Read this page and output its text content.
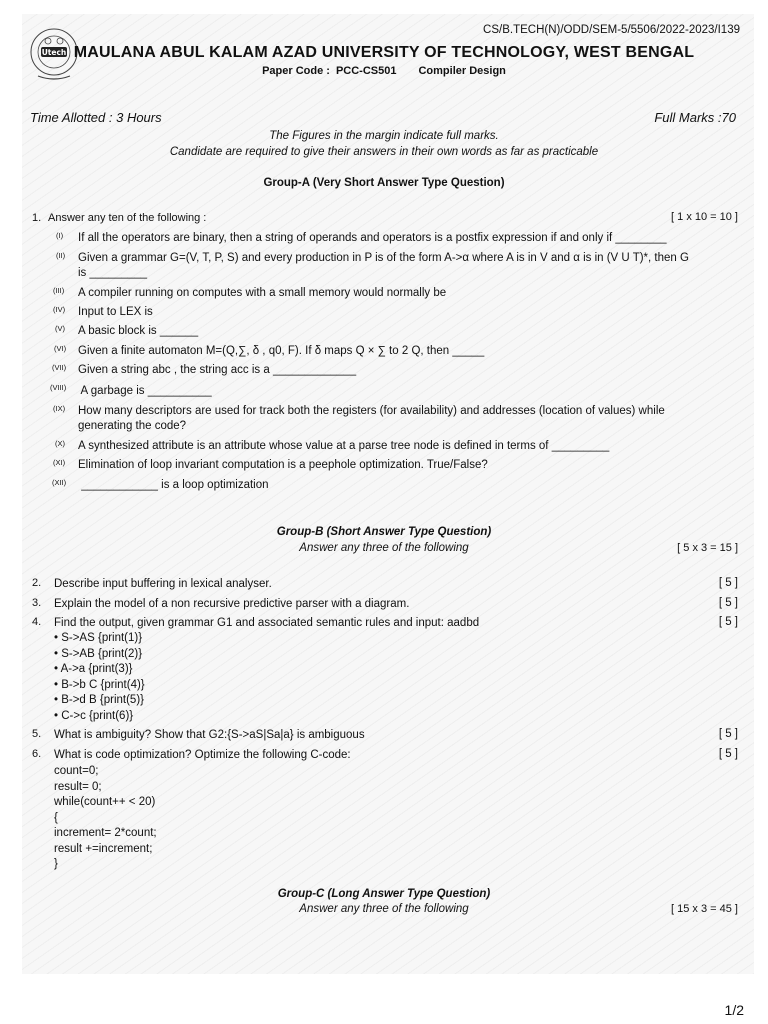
CS/B.TECH(N)/ODD/SEM-5/5506/2022-2023/I139
Utech MAULANA ABUL KALAM AZAD UNIVERSITY OF TECHNOLOGY, WEST BENGAL
Paper Code : PCC-CS501 Compiler Design
Time Allotted : 3 Hours	Full Marks :70
The Figures in the margin indicate full marks.
Candidate are required to give their answers in their own words as far as practicable
Group-A (Very Short Answer Type Question)
1. Answer any ten of the following :	[ 1 x 10 = 10 ]
(I) If all the operators are binary, then a string of operands and operators is a postfix expression if and only if ________
(II) Given a grammar G=(V, T, P, S) and every production in P is of the form A->α where A is in V and α is in (V U T)*, then G
is _________
(III) A compiler running on computes with a small memory would normally be
(IV) Input to LEX is
(V) A basic block is ______
(VI) Given a finite automaton M=(Q,∑, δ , q0, F). If δ maps Q × ∑ to 2 Q, then _____
(VII) Given a string abc , the string acc is a _____________
(VIII) A garbage is __________
(IX) How many descriptors are used for track both the registers (for availability) and addresses (location of values) while
generating the code?
(X) A synthesized attribute is an attribute whose value at a parse tree node is defined in terms of _________
(XI) Elimination of loop invariant computation is a peephole optimization. True/False?
(XII) ____________ is a loop optimization
Group-B (Short Answer Type Question)
Answer any three of the following	[ 5 x 3 = 15 ]
2. Describe input buffering in lexical analyser.	[ 5 ]
3. Explain the model of a non recursive predictive parser with a diagram.	[ 5 ]
4. Find the output, given grammar G1 and associated semantic rules and input: aadbd	[ 5 ]
• S->AS {print(1)}
• S->AB {print(2)}
• A->a {print(3)}
• B->b C {print(4)}
• B->d B {print(5)}
• C->c {print(6)}
5. What is ambiguity? Show that G2:{S->aS|Sa|a} is ambiguous	[ 5 ]
6. What is code optimization? Optimize the following C-code:	[ 5 ]
count=0;
result= 0;
while(count++ < 20)
{
increment= 2*count;
result +=increment;
}
Group-C (Long Answer Type Question)
Answer any three of the following	[ 15 x 3 = 45 ]
1/2
